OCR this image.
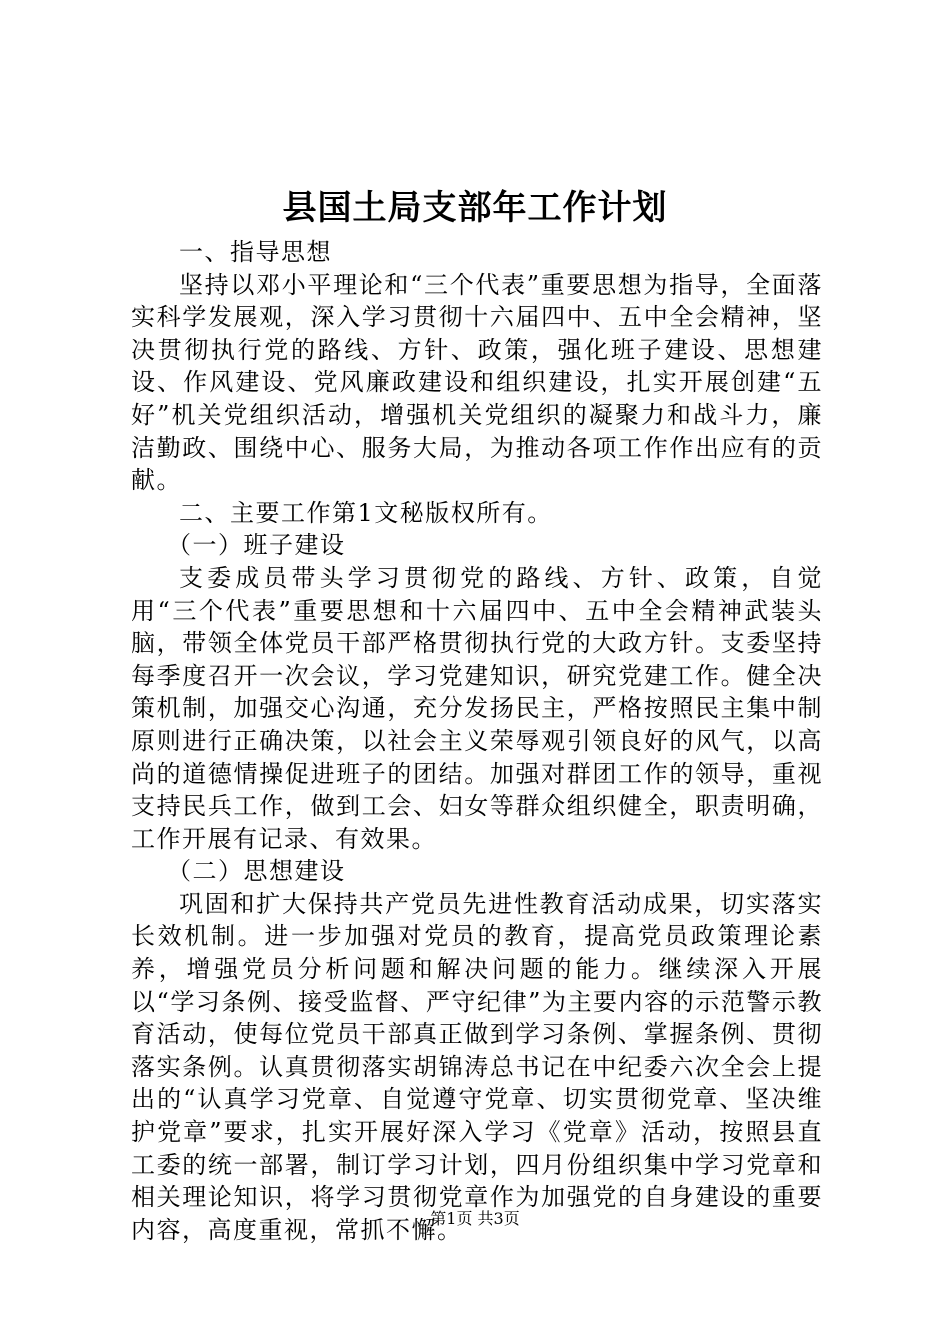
县国土局支部年工作计划

一、指导思想

坚持以邓小平理论和“三个代表”重要思想为指导，全面落实科学发展观，深入学习贯彻十六届四中、五中全会精神，坚决贯彻执行党的路线、方针、政策，强化班子建设、思想建设、作风建设、党风廉政建设和组织建设，扎实开展创建“五好”机关党组织活动，增强机关党组织的凝聚力和战斗力，廉洁勤政、围绕中心、服务大局，为推动各项工作作出应有的贡献。

二、主要工作第1文秘版权所有。

（一）班子建设

支委成员带头学习贯彻党的路线、方针、政策，自觉用“三个代表”重要思想和十六届四中、五中全会精神武装头脑，带领全体党员干部严格贯彻执行党的大政方针。支委坚持每季度召开一次会议，学习党建知识，研究党建工作。健全决策机制，加强交心沟通，充分发扬民主，严格按照民主集中制原则进行正确决策，以社会主义荣辱观引领良好的风气，以高尚的道德情操促进班子的团结。加强对群团工作的领导，重视支持民兵工作，做到工会、妇女等群众组织健全，职责明确，工作开展有记录、有效果。

（二）思想建设

巩固和扩大保持共产党员先进性教育活动成果，切实落实长效机制。进一步加强对党员的教育，提高党员政策理论素养，增强党员分析问题和解决问题的能力。继续深入开展以“学习条例、接受监督、严守纪律”为主要内容的示范警示教育活动，使每位党员干部真正做到学习条例、掌握条例、贯彻落实条例。认真贯彻落实胡锦涛总书记在中纪委六次全会上提出的“认真学习党章、自觉遵守党章、切实贯彻党章、坚决维护党章”要求，扎实开展好深入学习《党章》活动，按照县直工委的统一部署，制订学习计划，四月份组织集中学习党章和相关理论知识，将学习贯彻党章作为加强党的自身建设的重要内容，高度重视，常抓不懈。

第1页 共3页
